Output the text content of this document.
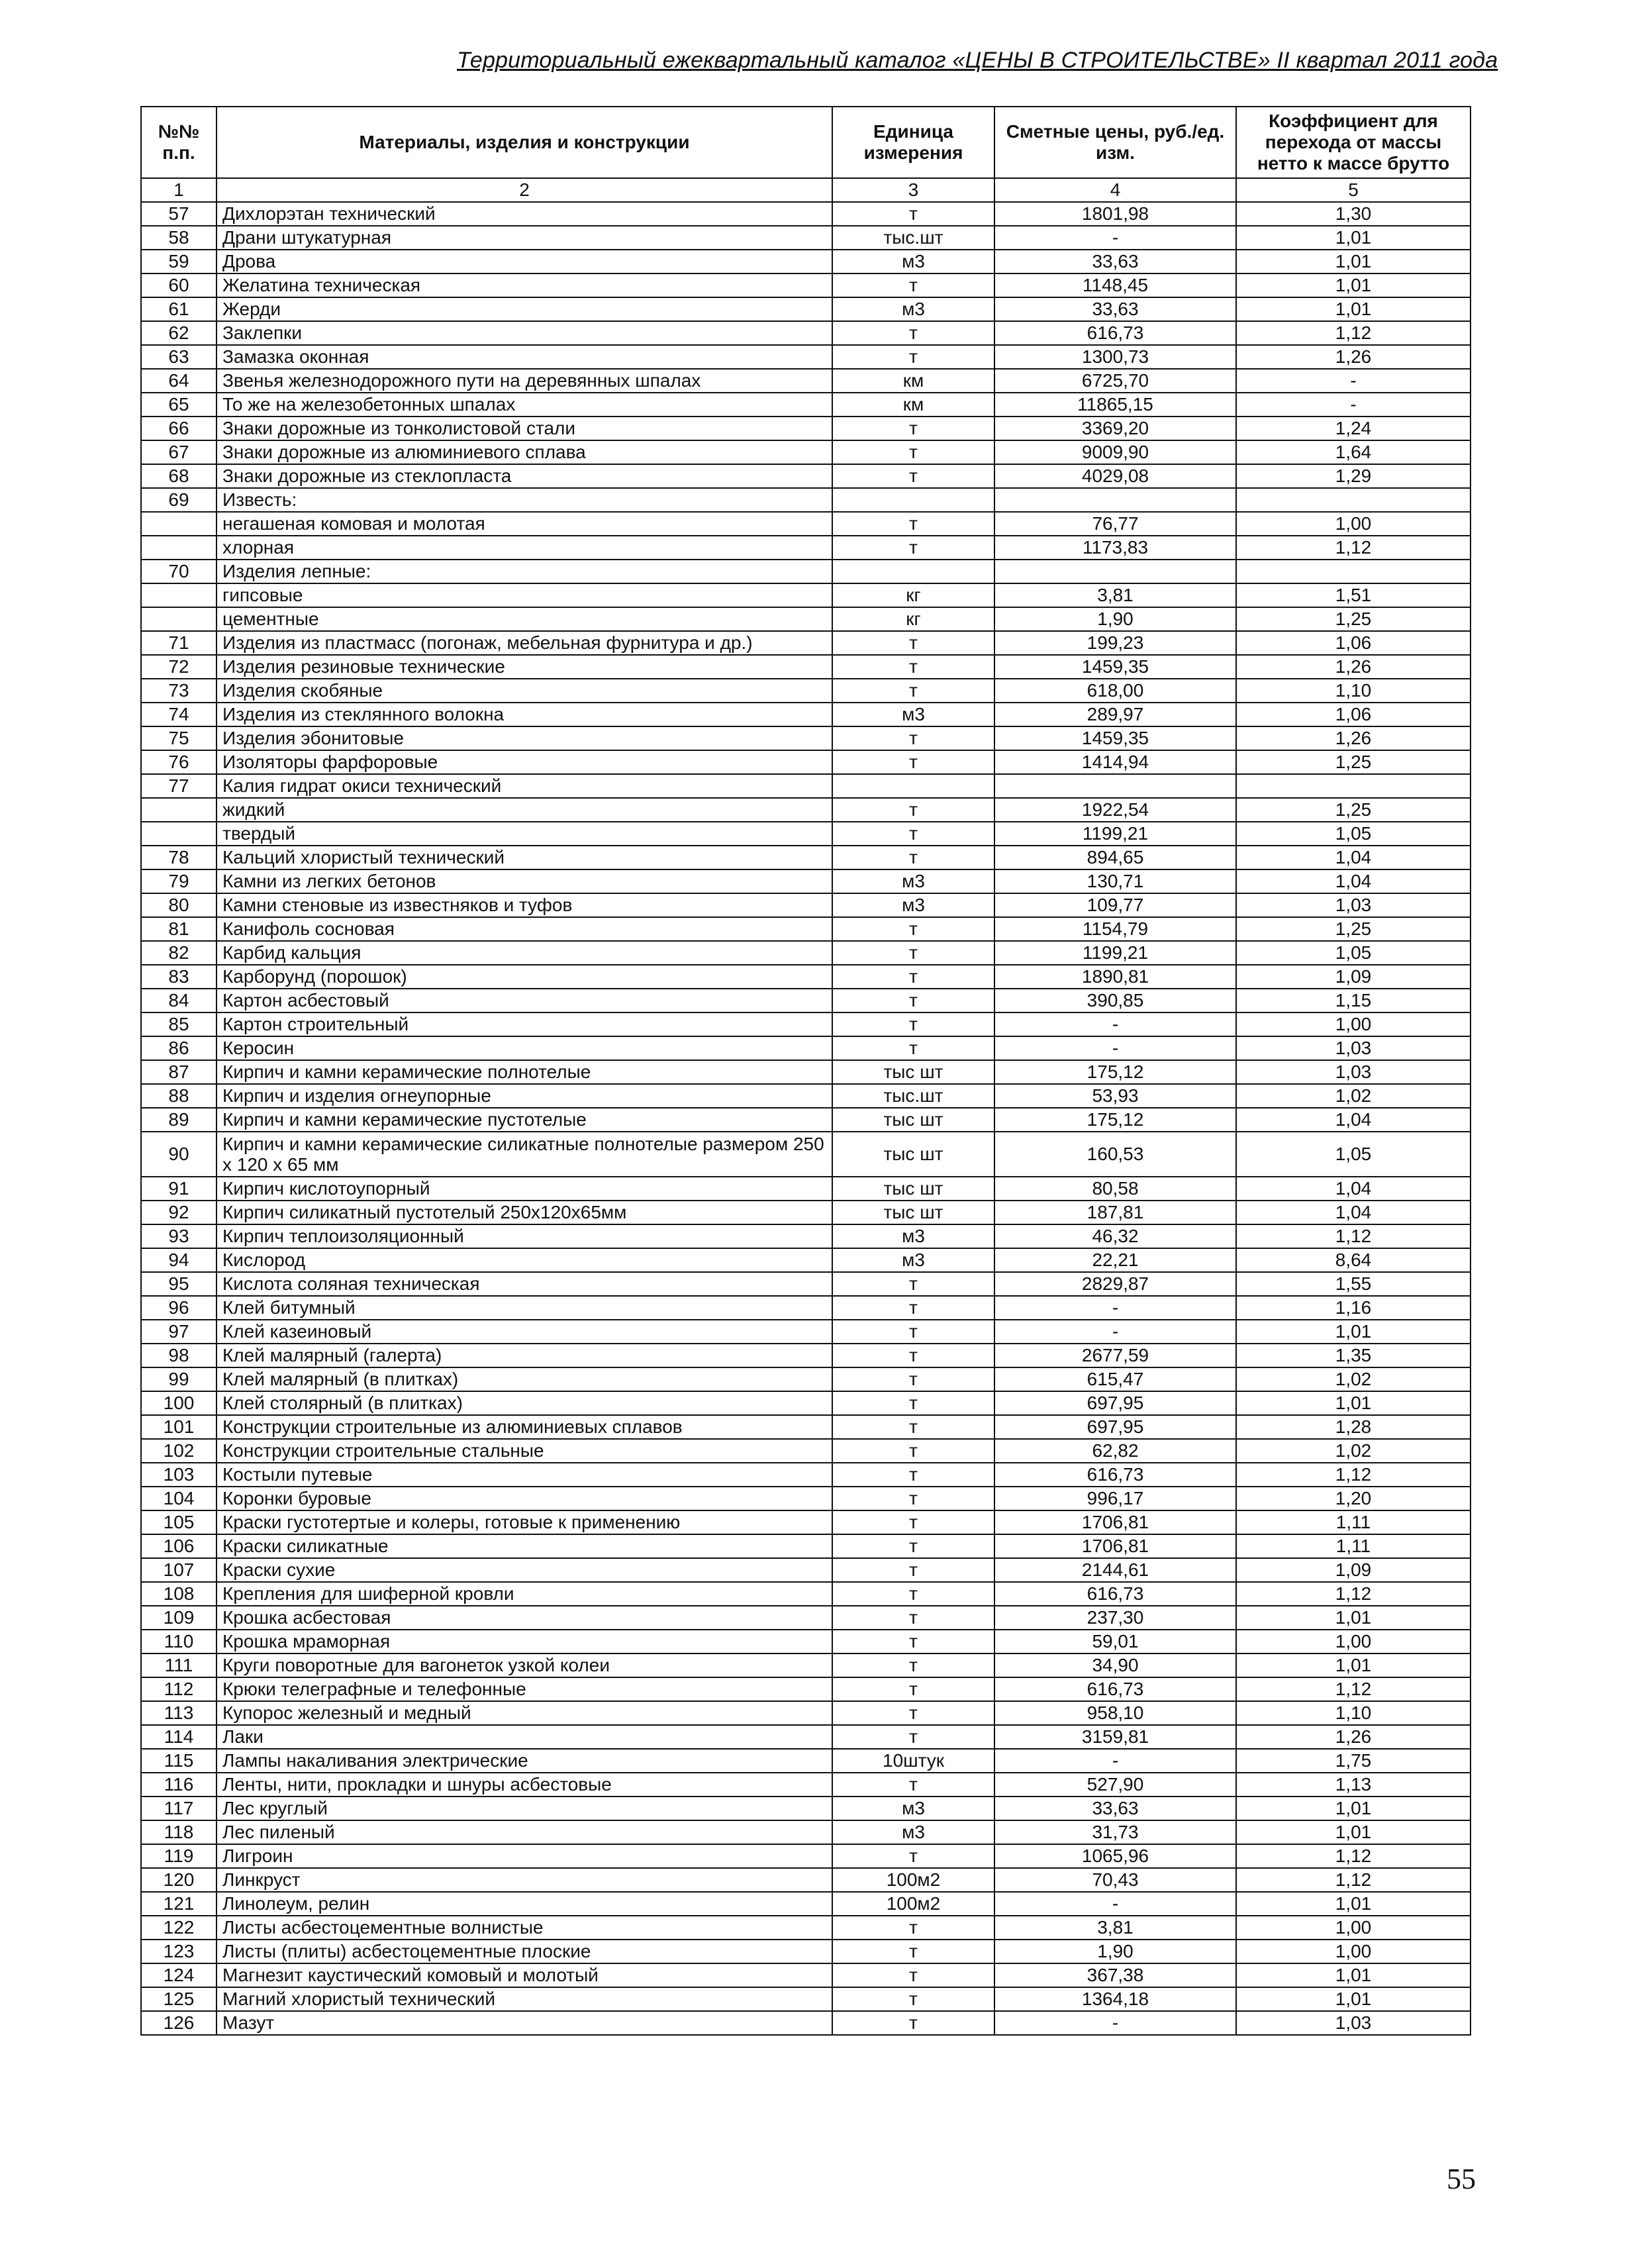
Территориальный ежеквартальный каталог «ЦЕНЫ В СТРОИТЕЛЬСТВЕ» II квартал 2011 года
№№ п.п.	Материалы, изделия и конструкции	Единица измерения	Сметные цены, руб./ед. изм.	Коэффициент для перехода от массы нетто к массе брутто
1	2	3	4	5
57	Дихлорэтан технический	т	1801,98	1,30
58	Драни штукатурная	тыс.шт	-	1,01
59	Дрова	м3	33,63	1,01
60	Желатина техническая	т	1148,45	1,01
61	Жерди	м3	33,63	1,01
62	Заклепки	т	616,73	1,12
63	Замазка оконная	т	1300,73	1,26
64	Звенья железнодорожного пути на деревянных шпалах	км	6725,70	-
65	То же на железобетонных шпалах	км	11865,15	-
66	Знаки дорожные из тонколистовой стали	т	3369,20	1,24
67	Знаки дорожные из алюминиевого сплава	т	9009,90	1,64
68	Знаки дорожные из стеклопласта	т	4029,08	1,29
69	Известь:			
	негашеная комовая и молотая	т	76,77	1,00
	хлорная	т	1173,83	1,12
70	Изделия лепные:			
	гипсовые	кг	3,81	1,51
	цементные	кг	1,90	1,25
71	Изделия из пластмасс (погонаж, мебельная фурнитура и др.)	т	199,23	1,06
72	Изделия резиновые технические	т	1459,35	1,26
73	Изделия скобяные	т	618,00	1,10
74	Изделия из стеклянного волокна	м3	289,97	1,06
75	Изделия эбонитовые	т	1459,35	1,26
76	Изоляторы фарфоровые	т	1414,94	1,25
77	Калия гидрат окиси технический			
	жидкий	т	1922,54	1,25
	твердый	т	1199,21	1,05
78	Кальций хлористый технический	т	894,65	1,04
79	Камни из легких бетонов	м3	130,71	1,04
80	Камни стеновые из известняков и туфов	м3	109,77	1,03
81	Канифоль сосновая	т	1154,79	1,25
82	Карбид кальция	т	1199,21	1,05
83	Карборунд (порошок)	т	1890,81	1,09
84	Картон асбестовый	т	390,85	1,15
85	Картон строительный	т	-	1,00
86	Керосин	т	-	1,03
87	Кирпич и камни керамические полнотелые	тыс шт	175,12	1,03
88	Кирпич и изделия огнеупорные	тыс.шт	53,93	1,02
89	Кирпич и камни керамические пустотелые	тыс шт	175,12	1,04
90	Кирпич и камни керамические силикатные полнотелые размером 250 х 120 х 65 мм	тыс шт	160,53	1,05
91	Кирпич кислотоупорный	тыс шт	80,58	1,04
92	Кирпич силикатный пустотелый 250х120х65мм	тыс шт	187,81	1,04
93	Кирпич теплоизоляционный	м3	46,32	1,12
94	Кислород	м3	22,21	8,64
95	Кислота соляная техническая	т	2829,87	1,55
96	Клей битумный	т	-	1,16
97	Клей казеиновый	т	-	1,01
98	Клей малярный (галерта)	т	2677,59	1,35
99	Клей малярный (в плитках)	т	615,47	1,02
100	Клей столярный (в плитках)	т	697,95	1,01
101	Конструкции строительные из алюминиевых сплавов	т	697,95	1,28
102	Конструкции строительные стальные	т	62,82	1,02
103	Костыли путевые	т	616,73	1,12
104	Коронки буровые	т	996,17	1,20
105	Краски густотертые и колеры, готовые к применению	т	1706,81	1,11
106	Краски силикатные	т	1706,81	1,11
107	Краски сухие	т	2144,61	1,09
108	Крепления для шиферной кровли	т	616,73	1,12
109	Крошка асбестовая	т	237,30	1,01
110	Крошка мраморная	т	59,01	1,00
111	Круги поворотные для вагонеток узкой колеи	т	34,90	1,01
112	Крюки телеграфные и телефонные	т	616,73	1,12
113	Купорос железный и медный	т	958,10	1,10
114	Лаки	т	3159,81	1,26
115	Лампы накаливания электрические	10штук	-	1,75
116	Ленты, нити, прокладки и шнуры асбестовые	т	527,90	1,13
117	Лес круглый	м3	33,63	1,01
118	Лес пиленый	м3	31,73	1,01
119	Лигроин	т	1065,96	1,12
120	Линкруст	100м2	70,43	1,12
121	Линолеум, релин	100м2	-	1,01
122	Листы асбестоцементные волнистые	т	3,81	1,00
123	Листы (плиты) асбестоцементные плоские	т	1,90	1,00
124	Магнезит каустический комовый и молотый	т	367,38	1,01
125	Магний хлористый технический	т	1364,18	1,01
126	Мазут	т	-	1,03
55
